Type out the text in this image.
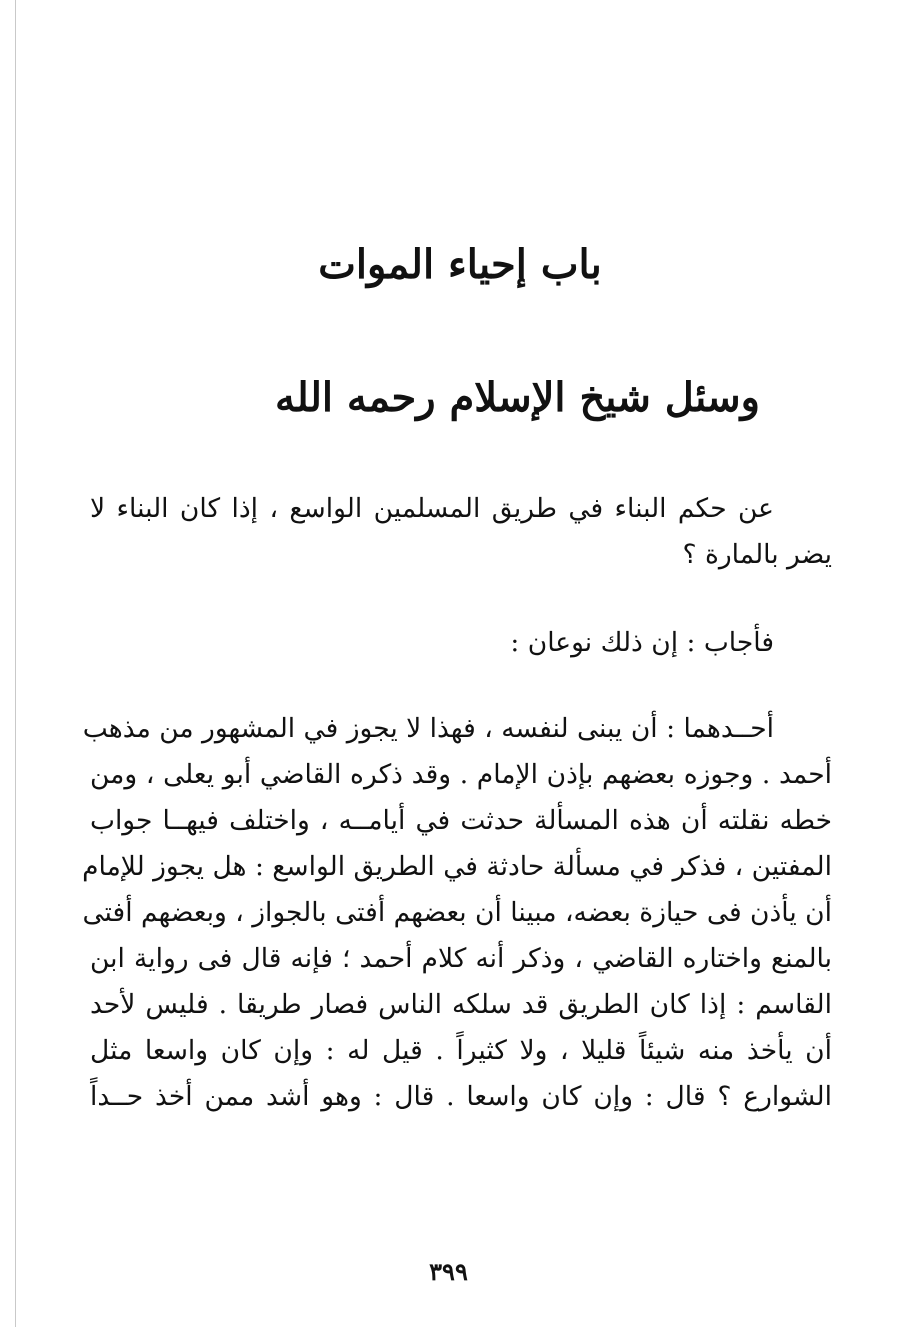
باب إحياء الموات
وسئل شيخ الإسلام رحمه الله
عن حكم البناء في طريق المسلمين الواسع ، إذا كان البناء لا
يضر بالمارة ؟
فأجاب : إن ذلك نوعان :
أحــدهما : أن يبنى لنفسه ، فهذا لا يجوز في المشهور من مذهب
أحمد . وجوزه بعضهم بإذن الإمام . وقد ذكره القاضي أبو يعلى ، ومن
خطه نقلته أن هذه المسألة حدثت في أيامــه ، واختلف فيهــا جواب
المفتين ، فذكر في مسألة حادثة في الطريق الواسع : هل يجوز للإمام
أن يأذن فى حيازة بعضه، مبينا أن بعضهم أفتى بالجواز ، وبعضهم أفتى
بالمنع واختاره القاضي ، وذكر أنه كلام أحمد ؛ فإنه قال فى رواية ابن
القاسم : إذا كان الطريق قد سلكه الناس فصار طريقا . فليس لأحد
أن يأخذ منه شيئاً قليلا ، ولا كثيراً . قيل له : وإن كان واسعا مثل
الشوارع ؟ قال : وإن كان واسعا . قال : وهو أشد ممن أخذ حــداً
٣٩٩
